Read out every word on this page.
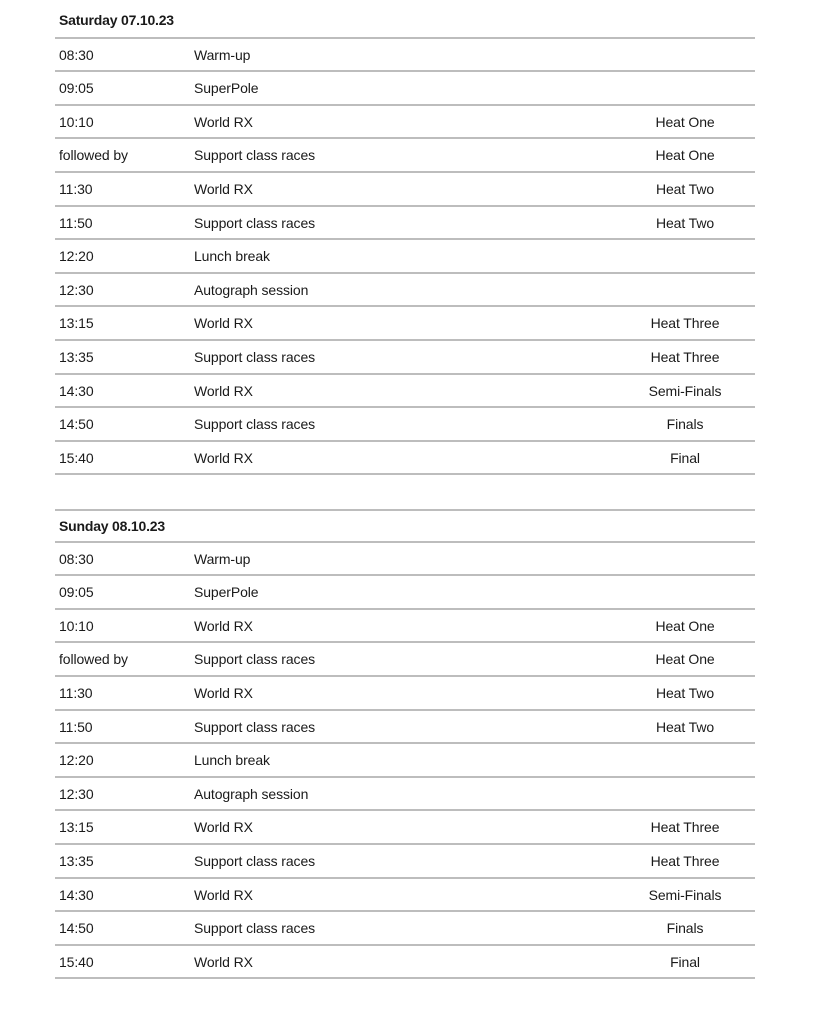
Saturday 07.10.23
08:30	Warm-up
09:05	SuperPole
10:10	World RX	Heat One
followed by	Support class races	Heat One
11:30	World RX	Heat Two
11:50	Support class races	Heat Two
12:20	Lunch break
12:30	Autograph session
13:15	World RX	Heat Three
13:35	Support class races	Heat Three
14:30	World RX	Semi-Finals
14:50	Support class races	Finals
15:40	World RX	Final
Sunday 08.10.23
08:30	Warm-up
09:05	SuperPole
10:10	World RX	Heat One
followed by	Support class races	Heat One
11:30	World RX	Heat Two
11:50	Support class races	Heat Two
12:20	Lunch break
12:30	Autograph session
13:15	World RX	Heat Three
13:35	Support class races	Heat Three
14:30	World RX	Semi-Finals
14:50	Support class races	Finals
15:40	World RX	Final
